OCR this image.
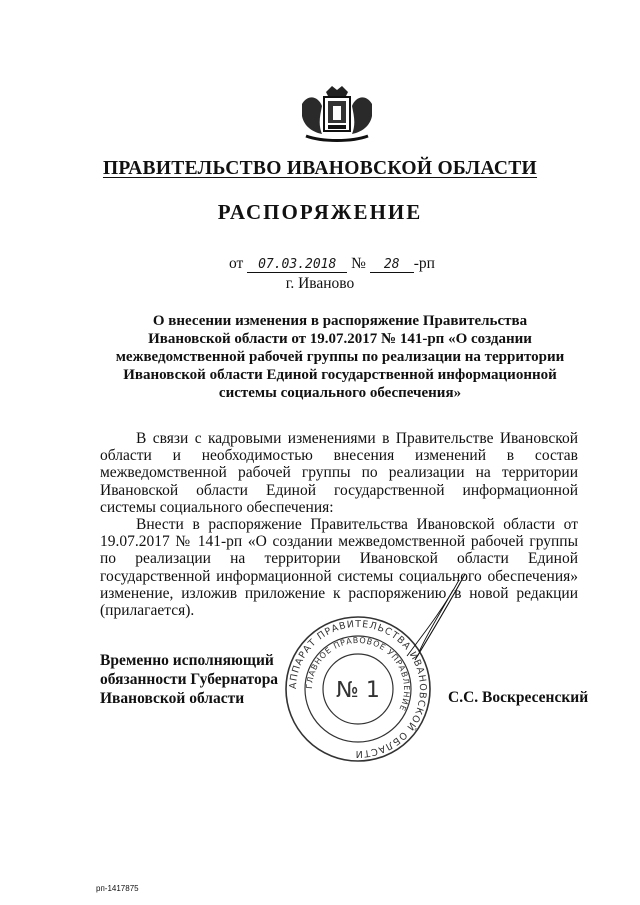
ПРАВИТЕЛЬСТВО ИВАНОВСКОЙ ОБЛАСТИ
РАСПОРЯЖЕНИЕ
от 07.03.2018 № 28 -рп
г. Иваново
О внесении изменения в распоряжение Правительства Ивановской области от 19.07.2017 № 141-рп «О создании межведомственной рабочей группы по реализации на территории Ивановской области Единой государственной информационной системы социального обеспечения»

В связи с кадровыми изменениями в Правительстве Ивановской области и необходимостью внесения изменений в состав межведомственной рабочей группы по реализации на территории Ивановской области Единой государственной информационной системы социального обеспечения:

Внести в распоряжение Правительства Ивановской области от 19.07.2017 № 141-рп «О создании межведомственной рабочей группы по реализации на территории Ивановской области Единой государственной информационной системы социального обеспечения» изменение, изложив приложение к распоряжению в новой редакции (прилагается).

Временно исполняющий
обязанности Губернатора
Ивановской области
АППАРАТ ПРАВИТЕЛЬСТВА ИВАНОВСКОЙ ОБЛАСТИ
ГЛАВНОЕ ПРАВОВОЕ УПРАВЛЕНИЕ
№ 1	С.С. Воскресенский
рп-1417875
